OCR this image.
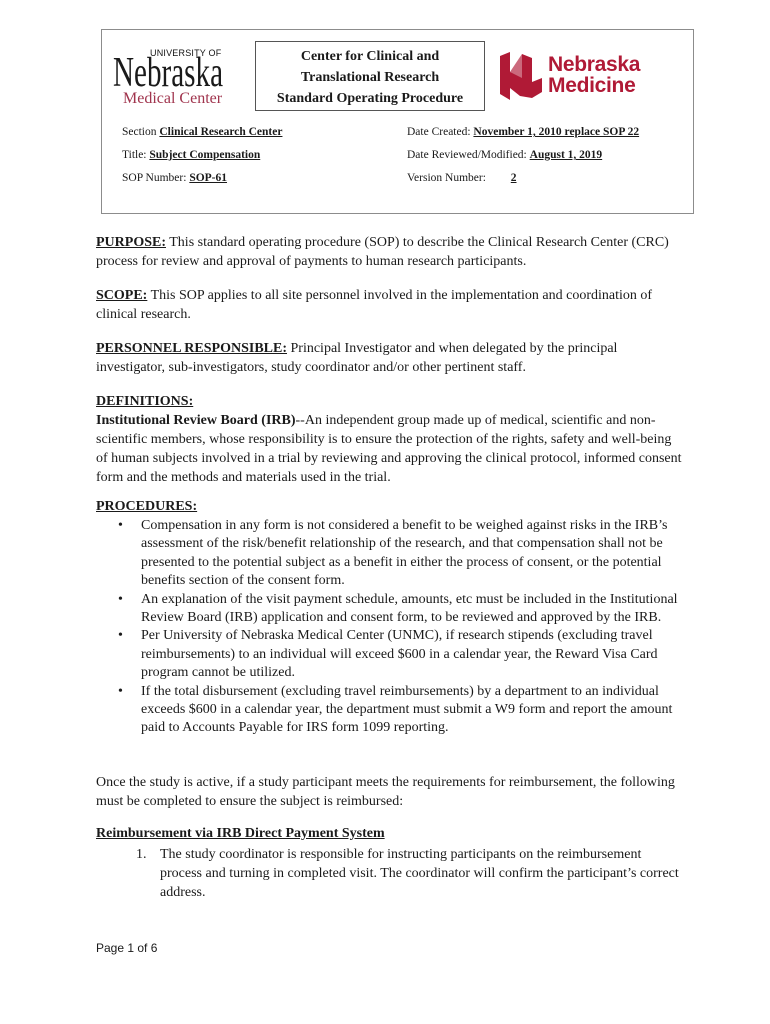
UNIVERSITY OF
Nebraska
Medical Center
Center for Clinical and
Translational Research
Standard Operating Procedure
Nebraska
Medicine
Section Clinical Research Center
Title: Subject Compensation
SOP Number: SOP-61
Date Created: November 1, 2010 replace SOP 22
Date Reviewed/Modified: August 1, 2019
Version Number: 2
PURPOSE: This standard operating procedure (SOP) to describe the Clinical Research Center (CRC) process for review and approval of payments to human research participants.
SCOPE: This SOP applies to all site personnel involved in the implementation and coordination of clinical research.
PERSONNEL RESPONSIBLE: Principal Investigator and when delegated by the principal investigator, sub-investigators, study coordinator and/or other pertinent staff.
DEFINITIONS:
Institutional Review Board (IRB)--An independent group made up of medical, scientific and non-scientific members, whose responsibility is to ensure the protection of the rights, safety and well-being of human subjects involved in a trial by reviewing and approving the clinical protocol, informed consent form and the methods and materials used in the trial.
PROCEDURES:
• Compensation in any form is not considered a benefit to be weighed against risks in the IRB’s assessment of the risk/benefit relationship of the research, and that compensation shall not be presented to the potential subject as a benefit in either the process of consent, or the potential benefits section of the consent form.
• An explanation of the visit payment schedule, amounts, etc must be included in the Institutional Review Board (IRB) application and consent form, to be reviewed and approved by the IRB.
• Per University of Nebraska Medical Center (UNMC), if research stipends (excluding travel reimbursements) to an individual will exceed $600 in a calendar year, the Reward Visa Card program cannot be utilized.
• If the total disbursement (excluding travel reimbursements) by a department to an individual exceeds $600 in a calendar year, the department must submit a W9 form and report the amount paid to Accounts Payable for IRS form 1099 reporting.
Once the study is active, if a study participant meets the requirements for reimbursement, the following must be completed to ensure the subject is reimbursed:
Reimbursement via IRB Direct Payment System
1. The study coordinator is responsible for instructing participants on the reimbursement process and turning in completed visit. The coordinator will confirm the participant’s correct address.
Page 1 of 6
